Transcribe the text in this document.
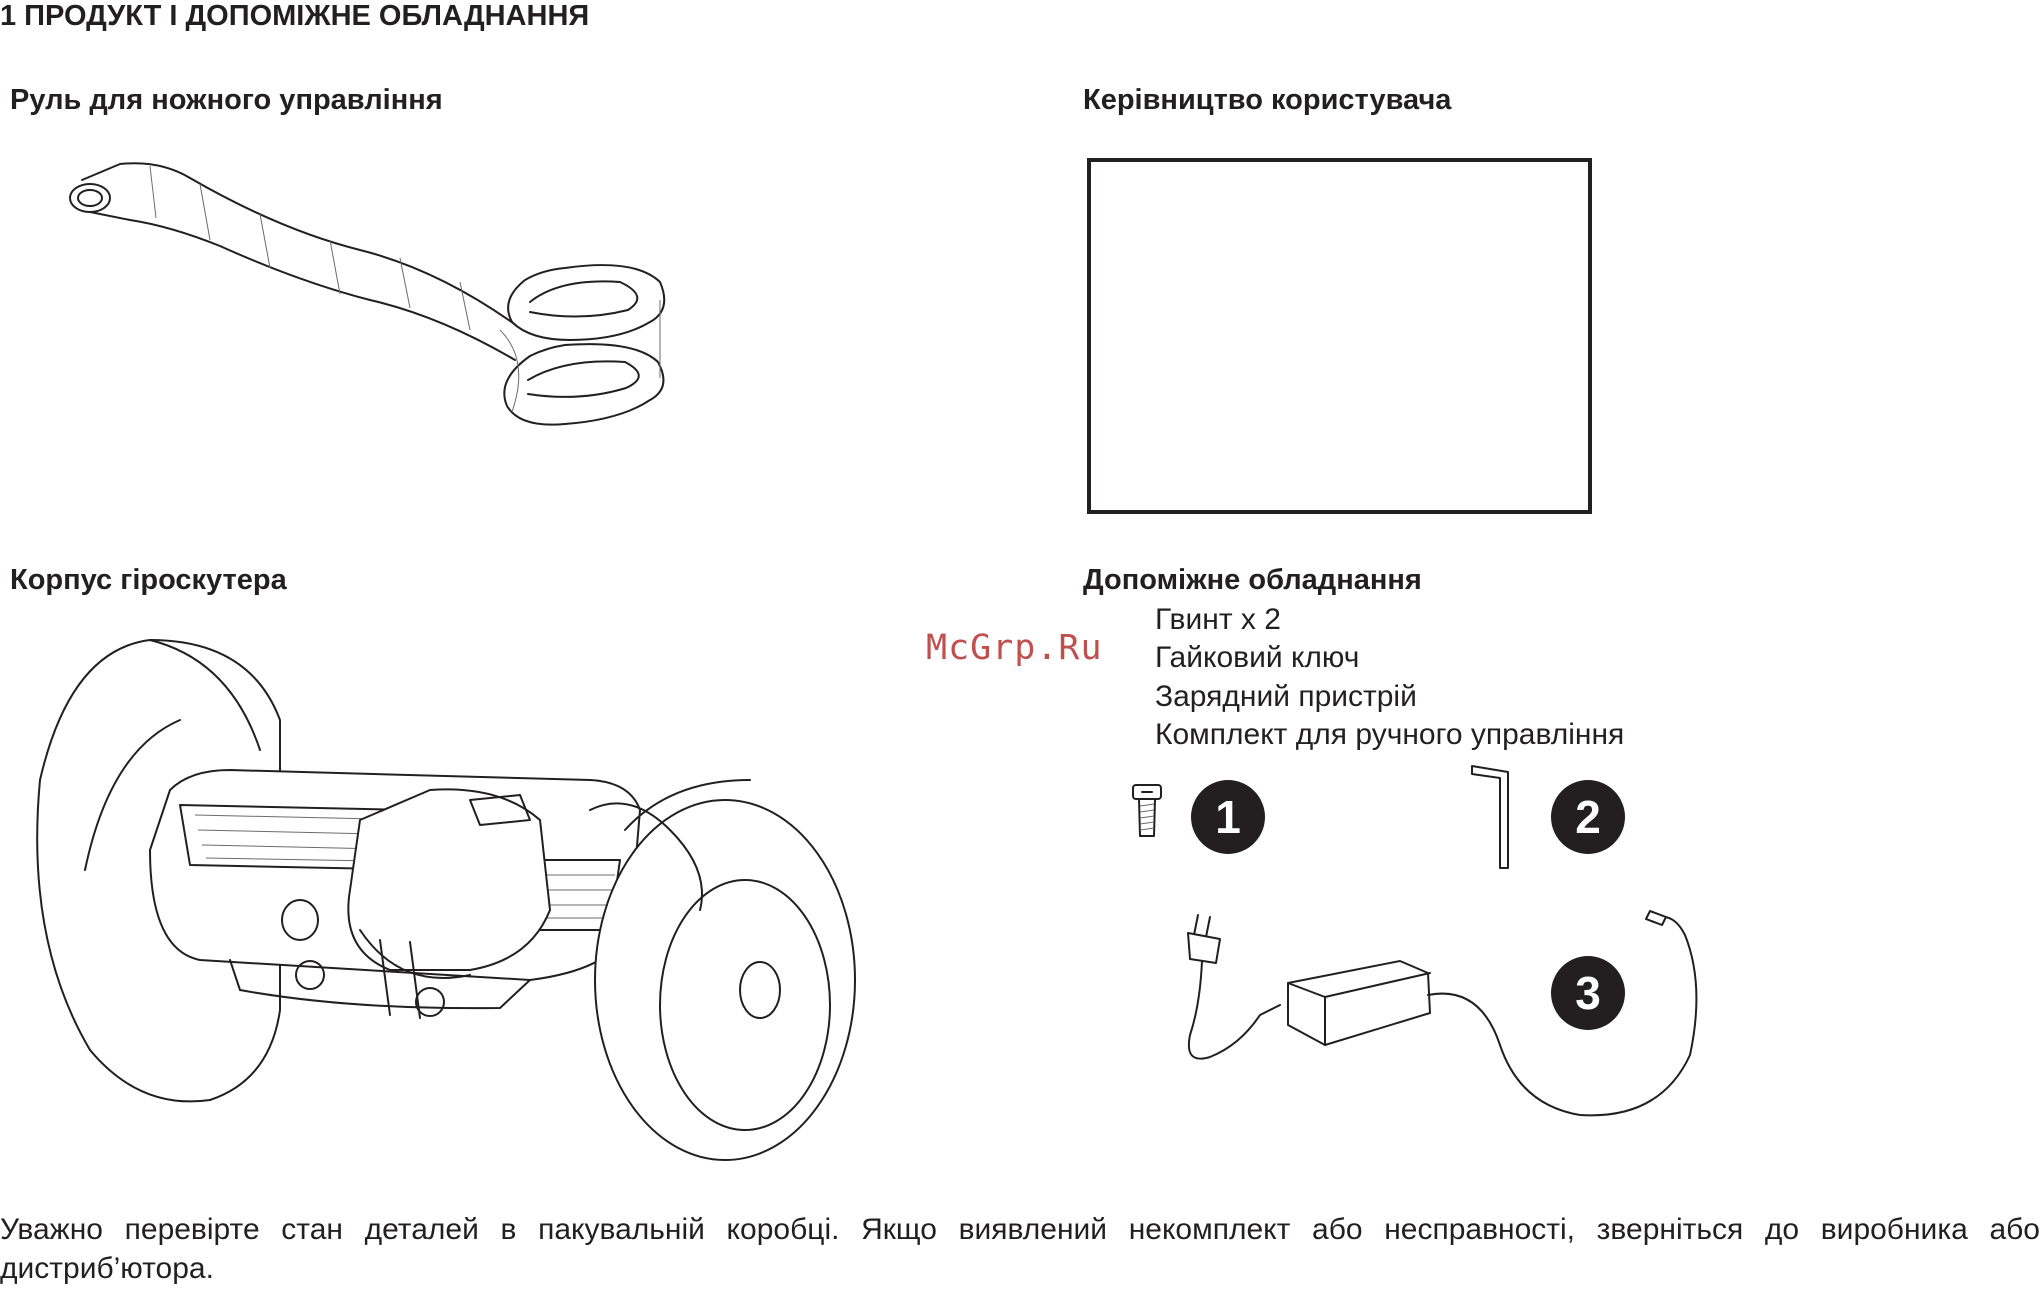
1 ПРОДУКТ І ДОПОМІЖНЕ ОБЛАДНАННЯ
Руль для ножного управління	Керівництво користувача
Корпус гіроскутера	Допоміжне обладнання
Гвинт х 2
Гайковий ключ
Зарядний пристрій
Комплект для ручного управління
McGrp.Ru
1	2
3
Уважно перевірте стан деталей в пакувальній коробці. Якщо виявлений некомплект або несправності, зверніться до виробника або дистриб’ютора.
